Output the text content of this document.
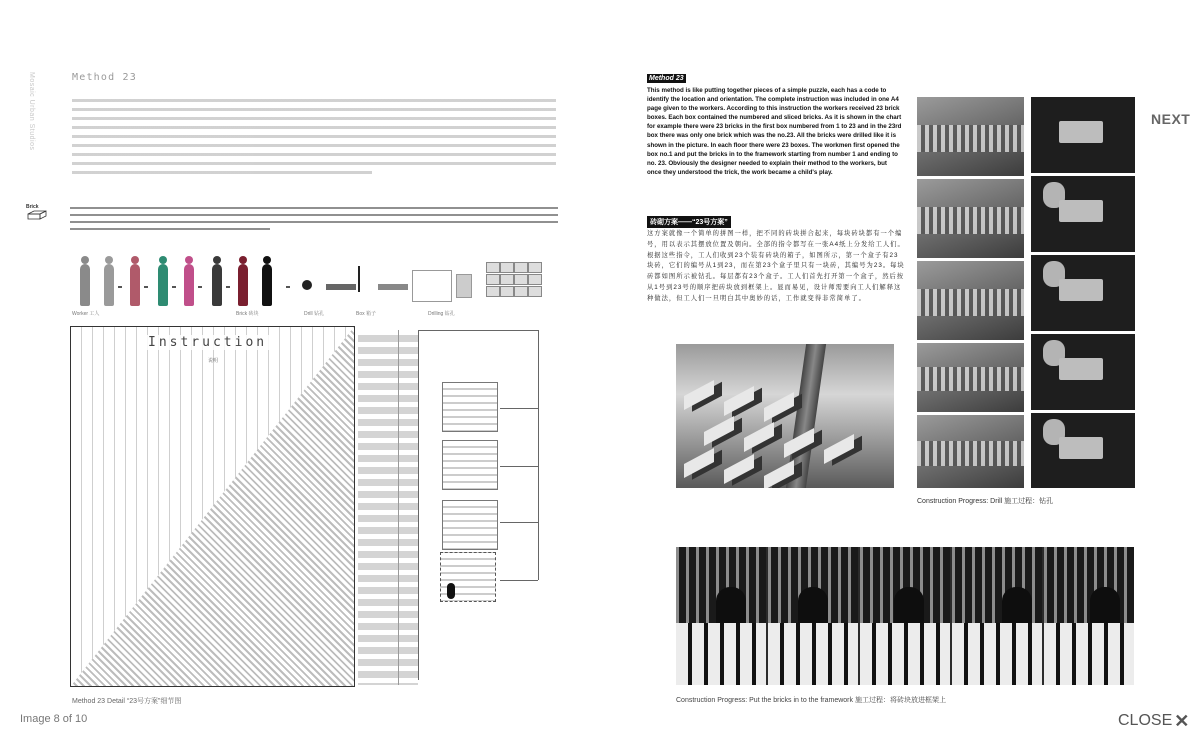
Mosaic Urban Studios	Method 23
Brick
Worker 工人	Brick 砖块	Drill 钻孔	Box 箱子	Drilling 钻孔
Instruction
说明
Method 23 Detail “23号方案”细节图
Method 23
This method is like putting together pieces of a simple puzzle, each has a code to identify the location and orientation. The complete instruction was included in one A4 page given to the workers. According to this instruction the workers received 23 brick boxes. Each box contained the numbered and sliced bricks. As it is shown in the chart for example there were 23 bricks in the first box numbered from 1 to 23 and in the 23rd box there was only one brick which was the no.23. All the bricks were drilled like it is shown in the picture. In each floor there were 23 boxes. The workmen first opened the box no.1 and put the bricks in to the framework starting from number 1 and ending to no. 23. Obviously the designer needed to explain their method to the workers, but once they understood the trick, the work became a child's play.
砖砌方案——“23号方案”
这方案就像一个简单的拼图一样，把不同的砖块拼合起来，每块砖块都有一个编号，用以表示其摆放位置及朝向。全部的指令都写在一张A4纸上分发给工人们。根据这些指令，工人们收到23个装有砖块的箱子，如图所示，第一个盒子有23块砖，它们的编号从1到23，而在第23个盒子里只有一块砖，其编号为23。每块砖都如图所示被钻孔。每层都有23个盒子。工人们首先打开第一个盒子，然后按从1号到23号的顺序把砖块放到框架上。显而易见，设计师需要向工人们解释这种做法，但工人们一旦明白其中奥妙的话，工作就变得非常简单了。
Construction Progress: Drill 施工过程：钻孔
Construction Progress: Put the bricks in to the framework 施工过程：将砖块放进框架上
NEXT
Image 8 of 10	CLOSE ✕
